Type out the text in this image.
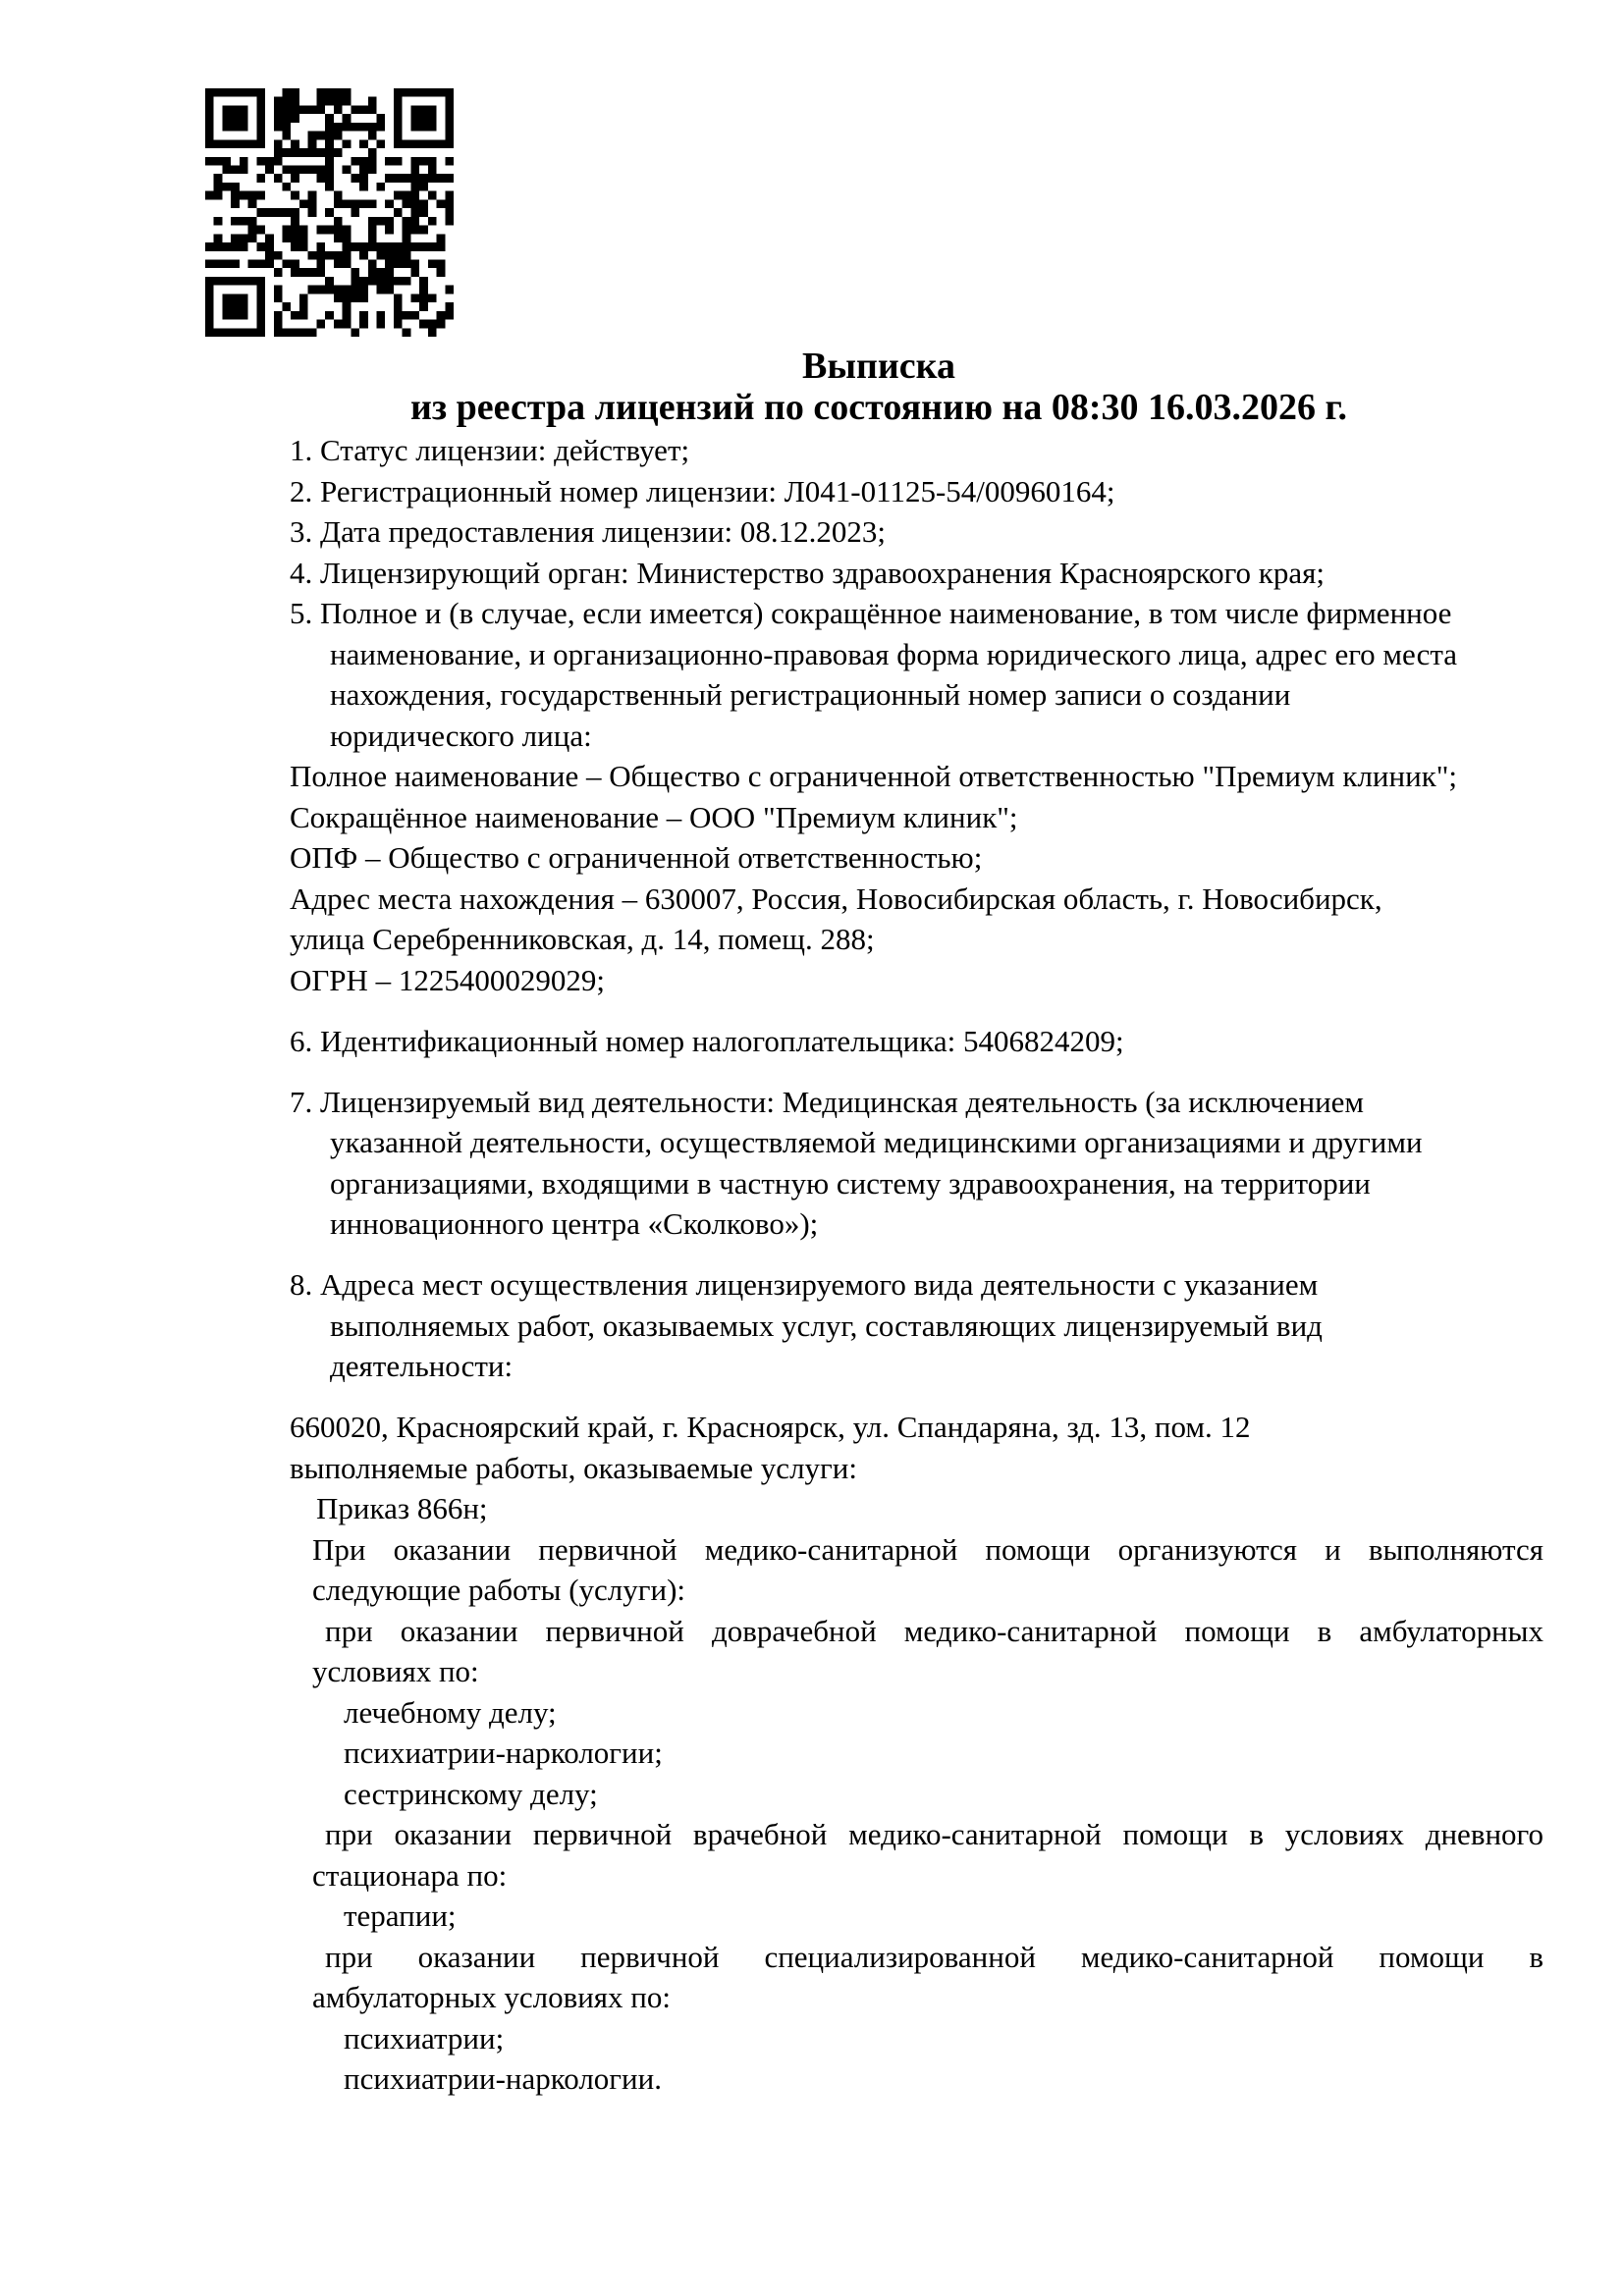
Выписка
из реестра лицензий по состоянию на 08:30 16.03.2026 г.
1. Статус лицензии: действует;
2. Регистрационный номер лицензии: Л041-01125-54/00960164;
3. Дата предоставления лицензии: 08.12.2023;
4. Лицензирующий орган: Министерство здравоохранения Красноярского края;
5. Полное и (в случае, если имеется) сокращённое наименование, в том числе фирменное
наименование, и организационно-правовая форма юридического лица, адрес его места
нахождения, государственный регистрационный номер записи о создании
юридического лица:
Полное наименование – Общество с ограниченной ответственностью "Премиум клиник";
Сокращённое наименование – ООО "Премиум клиник";
ОПФ – Общество с ограниченной ответственностью;
Адрес места нахождения – 630007, Россия, Новосибирская область, г. Новосибирск,
улица Серебренниковская, д. 14, помещ. 288;
ОГРН – 1225400029029;
6. Идентификационный номер налогоплательщика: 5406824209;
7. Лицензируемый вид деятельности: Медицинская деятельность (за исключением
указанной деятельности, осуществляемой медицинскими организациями и другими
организациями, входящими в частную систему здравоохранения, на территории
инновационного центра «Сколково»);
8. Адреса мест осуществления лицензируемого вида деятельности с указанием
выполняемых работ, оказываемых услуг, составляющих лицензируемый вид
деятельности:
660020, Красноярский край, г. Красноярск, ул. Спандаряна, зд. 13, пом. 12
выполняемые работы, оказываемые услуги:
Приказ 866н;
При оказании первичной медико-санитарной помощи организуются и выполняются
следующие работы (услуги):
при оказании первичной доврачебной медико-санитарной помощи в амбулаторных
условиях по:
лечебному делу;
психиатрии-наркологии;
сестринскому делу;
при оказании первичной врачебной медико-санитарной помощи в условиях дневного
стационара по:
терапии;
при оказании первичной специализированной медико-санитарной помощи в
амбулаторных условиях по:
психиатрии;
психиатрии-наркологии.
